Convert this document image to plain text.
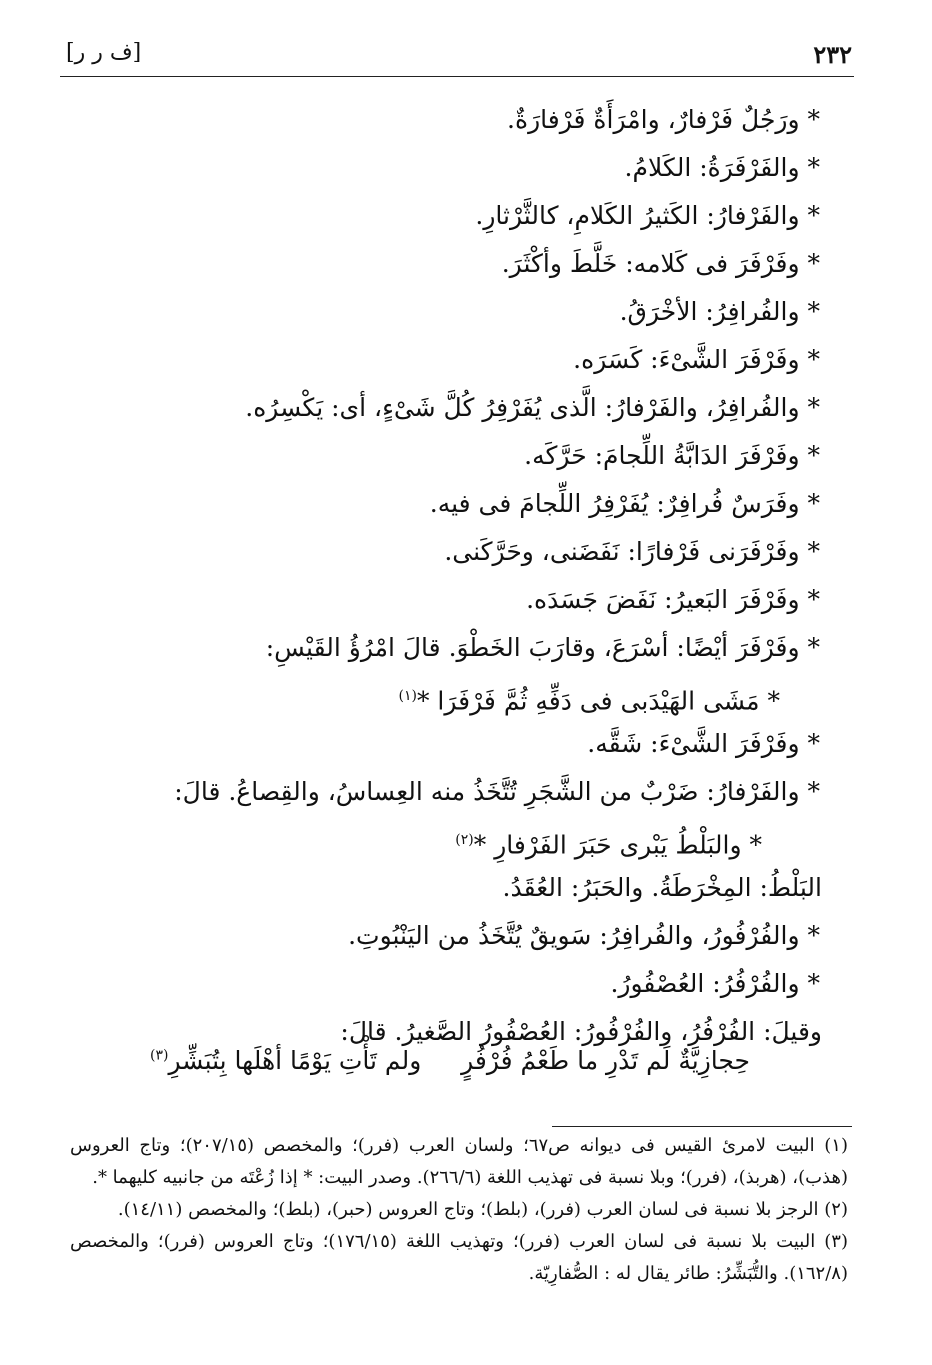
٢٣٢
[ف ر ر]
* ورَجُلٌ فَرْفارٌ، وامْرَأَةٌ فَرْفارَةٌ.
* والفَرْفَرَةُ: الكَلامُ.
* والفَرْفارُ: الكَثيرُ الكَلامِ، كالثَّرْثارِ.
* وفَرْفَرَ فى كَلامه: خَلَّطَ وأكْثَرَ.
* والفُرافِرُ: الأخْرَقُ.
* وفَرْفَرَ الشَّىْءَ: كَسَرَه.
* والفُرافِرُ، والفَرْفارُ: الَّذى يُفَرْفِرُ كُلَّ شَىْءٍ، أى: يَكْسِرُه.
* وفَرْفَرَ الدَابَّةُ اللِّجامَ: حَرَّكَه.
* وفَرَسٌ فُرافِرٌ: يُفَرْفِرُ اللِّجامَ فى فيه.
* وفَرْفَرَنى فَرْفارًا: نَفَضَنى، وحَرَّكَنى.
* وفَرْفَرَ البَعيرُ: نَفَضَ جَسَدَه.
* وفَرْفَرَ أيْضًا: أسْرَعَ، وقارَبَ الخَطْوَ. قالَ امْرُؤُ القَيْسِ:
* مَشَى الهَيْدَبى فى دَفِّهِ ثُمَّ فَرْفَرَا *$^{(١)}$
* وفَرْفَرَ الشَّىْءَ: شَقَّه.
* والفَرْفارُ: ضَرْبٌ من الشَّجَرِ تُتَّخَذُ منه العِساسُ، والقِصاعُ. قالَ:
* والبَلْطُ يَبْرى حَبَرَ الفَرْفارِ *$^{(٢)}$
البَلْطُ: المِخْرَطَةُ. والحَبَرُ: العُقَدُ.
* والفُرْفُورُ، والفُرافِرُ: سَويقٌ يُتَّخَذُ من اليَنْبُوتِ.
* والفُرْفُرُ: العُصْفُورُ.
وقيلَ: الفُرْفُرُ، والفُرْفُورُ: العُصْفُورُ الصَّغيرُ. قالَ:
حِجازِيَّةٌ لَم تَدْرِ ما طَعْمُ فُرْفُرٍ
ولم تَأْتِ يَوْمًا أهْلَها بِتُبَشِّرِ$^{(٣)}$
(١) البيت لامرئ القيس فى ديوانه ص٦٧؛ ولسان العرب (فرر)؛ والمخصص (٢٠٧/١٥)؛ وتاج العروس (هذب)، (هربذ)، (فرر)؛ وبلا نسبة فى تهذيب اللغة (٢٦٦/٦). وصدر البيت: * إذا زُعْتَه من جانبيه كليهما *.
(٢) الرجز بلا نسبة فى لسان العرب (فرر)، (بلط)؛ وتاج العروس (حبر)، (بلط)؛ والمخصص (١٤/١١).
(٣) البيت بلا نسبة فى لسان العرب (فرر)؛ وتهذيب اللغة (١٧٦/١٥)؛ وتاج العروس (فرر)؛ والمخصص (١٦٢/٨). والتُّبَشِّرُ: طائر يقال له : الصُّفارِيّة.
